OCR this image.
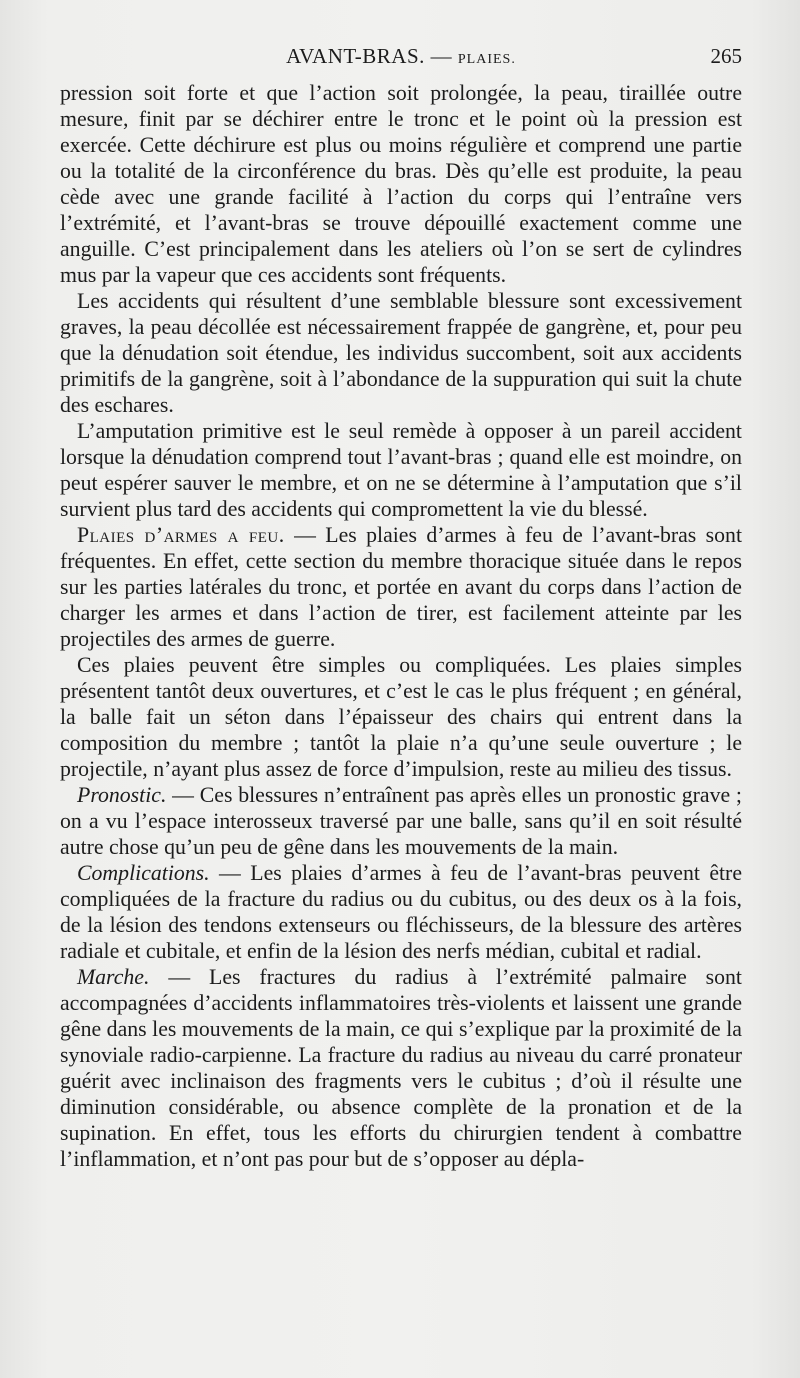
AVANT-BRAS. — PLAIES.	265

pression soit forte et que l’action soit prolongée, la peau, tiraillée outre mesure, finit par se déchirer entre le tronc et le point où la pression est exercée. Cette déchirure est plus ou moins régulière et comprend une partie ou la totalité de la circonférence du bras. Dès qu’elle est produite, la peau cède avec une grande facilité à l’action du corps qui l’entraîne vers l’extrémité, et l’avant-bras se trouve dépouillé exactement comme une anguille. C’est principalement dans les ateliers où l’on se sert de cylindres mus par la vapeur que ces accidents sont fréquents.

Les accidents qui résultent d’une semblable blessure sont excessivement graves, la peau décollée est nécessairement frappée de gangrène, et, pour peu que la dénudation soit étendue, les individus succombent, soit aux accidents primitifs de la gangrène, soit à l’abondance de la suppuration qui suit la chute des eschares.

L’amputation primitive est le seul remède à opposer à un pareil accident lorsque la dénudation comprend tout l’avant-bras ; quand elle est moindre, on peut espérer sauver le membre, et on ne se détermine à l’amputation que s’il survient plus tard des accidents qui compromettent la vie du blessé.

Plaies d’armes a feu. — Les plaies d’armes à feu de l’avant-bras sont fréquentes. En effet, cette section du membre thoracique située dans le repos sur les parties latérales du tronc, et portée en avant du corps dans l’action de charger les armes et dans l’action de tirer, est facilement atteinte par les projectiles des armes de guerre.

Ces plaies peuvent être simples ou compliquées. Les plaies simples présentent tantôt deux ouvertures, et c’est le cas le plus fréquent ; en général, la balle fait un séton dans l’épaisseur des chairs qui entrent dans la composition du membre ; tantôt la plaie n’a qu’une seule ouverture ; le projectile, n’ayant plus assez de force d’impulsion, reste au milieu des tissus.

Pronostic. — Ces blessures n’entraînent pas après elles un pronostic grave ; on a vu l’espace interosseux traversé par une balle, sans qu’il en soit résulté autre chose qu’un peu de gêne dans les mouvements de la main.

Complications. — Les plaies d’armes à feu de l’avant-bras peuvent être compliquées de la fracture du radius ou du cubitus, ou des deux os à la fois, de la lésion des tendons extenseurs ou fléchisseurs, de la blessure des artères radiale et cubitale, et enfin de la lésion des nerfs médian, cubital et radial.

Marche. — Les fractures du radius à l’extrémité palmaire sont accompagnées d’accidents inflammatoires très-violents et laissent une grande gêne dans les mouvements de la main, ce qui s’explique par la proximité de la synoviale radio-carpienne. La fracture du radius au niveau du carré pronateur guérit avec inclinaison des fragments vers le cubitus ; d’où il résulte une diminution considérable, ou absence complète de la pronation et de la supination. En effet, tous les efforts du chirurgien tendent à combattre l’inflammation, et n’ont pas pour but de s’opposer au dépla-
